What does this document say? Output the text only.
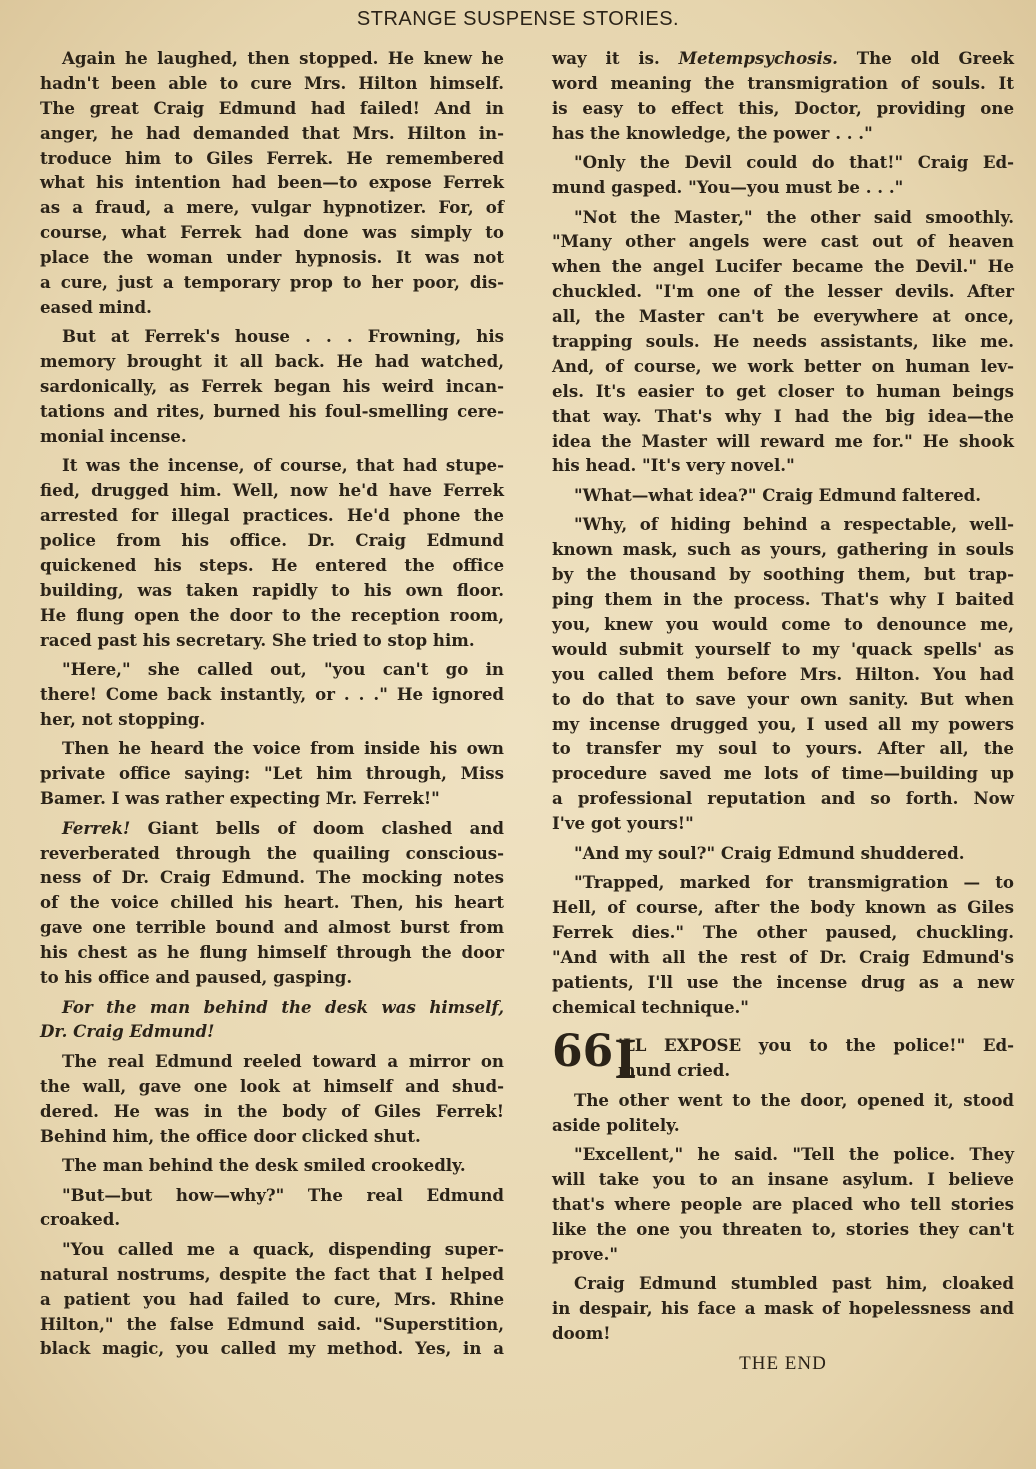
STRANGE SUSPENSE STORIES.
Again he laughed, then stopped. He knew he
hadn't been able to cure Mrs. Hilton himself.
The great Craig Edmund had failed! And in
anger, he had demanded that Mrs. Hilton in-
troduce him to Giles Ferrek. He remembered
what his intention had been—to expose Ferrek
as a fraud, a mere, vulgar hypnotizer. For, of
course, what Ferrek had done was simply to
place the woman under hypnosis. It was not
a cure, just a temporary prop to her poor, dis-
eased mind.
But at Ferrek's house . . . Frowning, his
memory brought it all back. He had watched,
sardonically, as Ferrek began his weird incan-
tations and rites, burned his foul-smelling cere-
monial incense.
It was the incense, of course, that had stupe-
fied, drugged him. Well, now he'd have Ferrek
arrested for illegal practices. He'd phone the
police from his office. Dr. Craig Edmund
quickened his steps. He entered the office
building, was taken rapidly to his own floor.
He flung open the door to the reception room,
raced past his secretary. She tried to stop him.
"Here," she called out, "you can't go in
there! Come back instantly, or . . ." He ignored
her, not stopping.
Then he heard the voice from inside his own
private office saying: "Let him through, Miss
Bamer. I was rather expecting Mr. Ferrek!"
Ferrek! Giant bells of doom clashed and
reverberated through the quailing conscious-
ness of Dr. Craig Edmund. The mocking notes
of the voice chilled his heart. Then, his heart
gave one terrible bound and almost burst from
his chest as he flung himself through the door
to his office and paused, gasping.
For the man behind the desk was himself,
Dr. Craig Edmund!
The real Edmund reeled toward a mirror on
the wall, gave one look at himself and shud-
dered. He was in the body of Giles Ferrek!
Behind him, the office door clicked shut.
The man behind the desk smiled crookedly.
"But—but how—why?" The real Edmund
croaked.
"You called me a quack, dispending super-
natural nostrums, despite the fact that I helped
a patient you had failed to cure, Mrs. Rhine
Hilton," the false Edmund said. "Superstition,
black magic, you called my method. Yes, in a
way it is. Metempsychosis. The old Greek
word meaning the transmigration of souls. It
is easy to effect this, Doctor, providing one
has the knowledge, the power . . ."
"Only the Devil could do that!" Craig Ed-
mund gasped. "You—you must be . . ."
"Not the Master," the other said smoothly.
"Many other angels were cast out of heaven
when the angel Lucifer became the Devil." He
chuckled. "I'm one of the lesser devils. After
all, the Master can't be everywhere at once,
trapping souls. He needs assistants, like me.
And, of course, we work better on human lev-
els. It's easier to get closer to human beings
that way. That's why I had the big idea—the
idea the Master will reward me for." He shook
his head. "It's very novel."
"What—what idea?" Craig Edmund faltered.
"Why, of hiding behind a respectable, well-
known mask, such as yours, gathering in souls
by the thousand by soothing them, but trap-
ping them in the process. That's why I baited
you, knew you would come to denounce me,
would submit yourself to my 'quack spells' as
you called them before Mrs. Hilton. You had
to do that to save your own sanity. But when
my incense drugged you, I used all my powers
to transfer my soul to yours. After all, the
procedure saved me lots of time—building up
a professional reputation and so forth. Now
I've got yours!"
"And my soul?" Craig Edmund shuddered.
"Trapped, marked for transmigration — to
Hell, of course, after the body known as Giles
Ferrek dies." The other paused, chuckling.
"And with all the rest of Dr. Craig Edmund's
patients, I'll use the incense drug as a new
chemical technique."
66 I
'LL EXPOSE you to the police!" Ed-
mund cried.
The other went to the door, opened it, stood
aside politely.
"Excellent," he said. "Tell the police. They
will take you to an insane asylum. I believe
that's where people are placed who tell stories
like the one you threaten to, stories they can't
prove."
Craig Edmund stumbled past him, cloaked
in despair, his face a mask of hopelessness and
doom!
THE END
